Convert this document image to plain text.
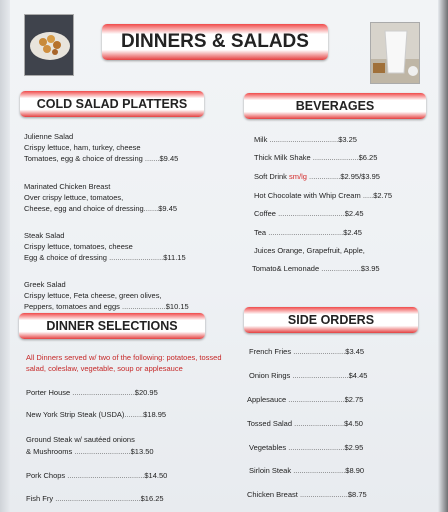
DINNERS & SALADS
COLD SALAD PLATTERS	BEVERAGES
DINNER SELECTIONS	SIDE ORDERS
Julienne Salad
Crispy lettuce, ham, turkey, cheese
Tomatoes, egg & choice of dressing .......$9.45
Marinated Chicken Breast
Over crispy lettuce, tomatoes,
Cheese, egg and choice of dressing.......$9.45
Steak Salad
Crispy lettuce, tomatoes, cheese
Egg & choice of dressing ..........................$11.15
Greek Salad
Crispy lettuce, Feta cheese, green olives,
Peppers, tomatoes and eggs .....................$10.15
Milk .................................$3.25
Thick Milk Shake ......................$6.25
Soft Drink sm/lg ...............$2.95/$3.95
Hot Chocolate with Whip Cream .....$2.75
Coffee ................................$2.45
Tea ....................................$2.45
Juices Orange, Grapefruit, Apple,
Tomato& Lemonade ...................$3.95
All Dinners served w/ two of the following: potatoes, tossed salad, coleslaw, vegetable, soup or applesauce
Porter House ..............................$20.95
New York Strip Steak (USDA).........$18.95
Ground Steak w/ sautéed onions
& Mushrooms ...........................$13.50
Pork Chops .....................................$14.50
Fish Fry .........................................$16.25
French Fries .........................$3.45
Onion Rings ...........................$4.45
Applesauce ...........................$2.75
Tossed Salad ........................$4.50
Vegetables ...........................$2.95
Sirloin Steak .........................$8.90
Chicken Breast .......................$8.75
